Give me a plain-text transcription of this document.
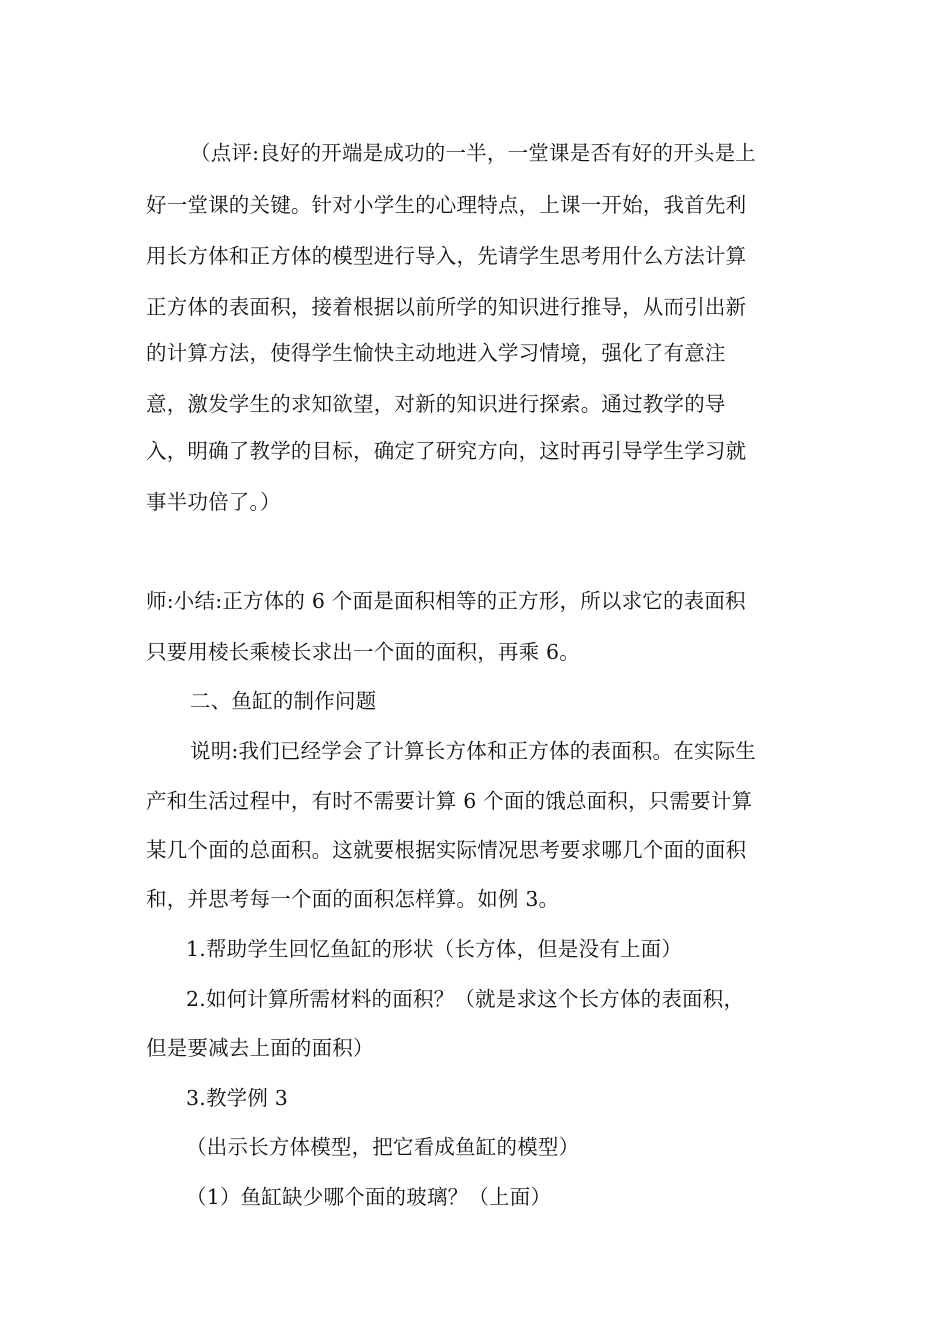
（点评:良好的开端是成功的一半，一堂课是否有好的开头是上
好一堂课的关键。针对小学生的心理特点，上课一开始，我首先利
用长方体和正方体的模型进行导入，先请学生思考用什么方法计算
正方体的表面积，接着根据以前所学的知识进行推导，从而引出新
的计算方法，使得学生愉快主动地进入学习情境，强化了有意注
意，激发学生的求知欲望，对新的知识进行探索。通过教学的导
入，明确了教学的目标，确定了研究方向，这时再引导学生学习就
事半功倍了。）
师:小结:正方体的 6 个面是面积相等的正方形，所以求它的表面积
只要用棱长乘棱长求出一个面的面积，再乘 6。
二、鱼缸的制作问题
说明:我们已经学会了计算长方体和正方体的表面积。在实际生
产和生活过程中，有时不需要计算 6 个面的饿总面积，只需要计算
某几个面的总面积。这就要根据实际情况思考要求哪几个面的面积
和，并思考每一个面的面积怎样算。如例 3。
1.帮助学生回忆鱼缸的形状（长方体，但是没有上面）
2.如何计算所需材料的面积？（就是求这个长方体的表面积，
但是要减去上面的面积）
3.教学例 3
（出示长方体模型，把它看成鱼缸的模型）
（1）鱼缸缺少哪个面的玻璃？（上面）
